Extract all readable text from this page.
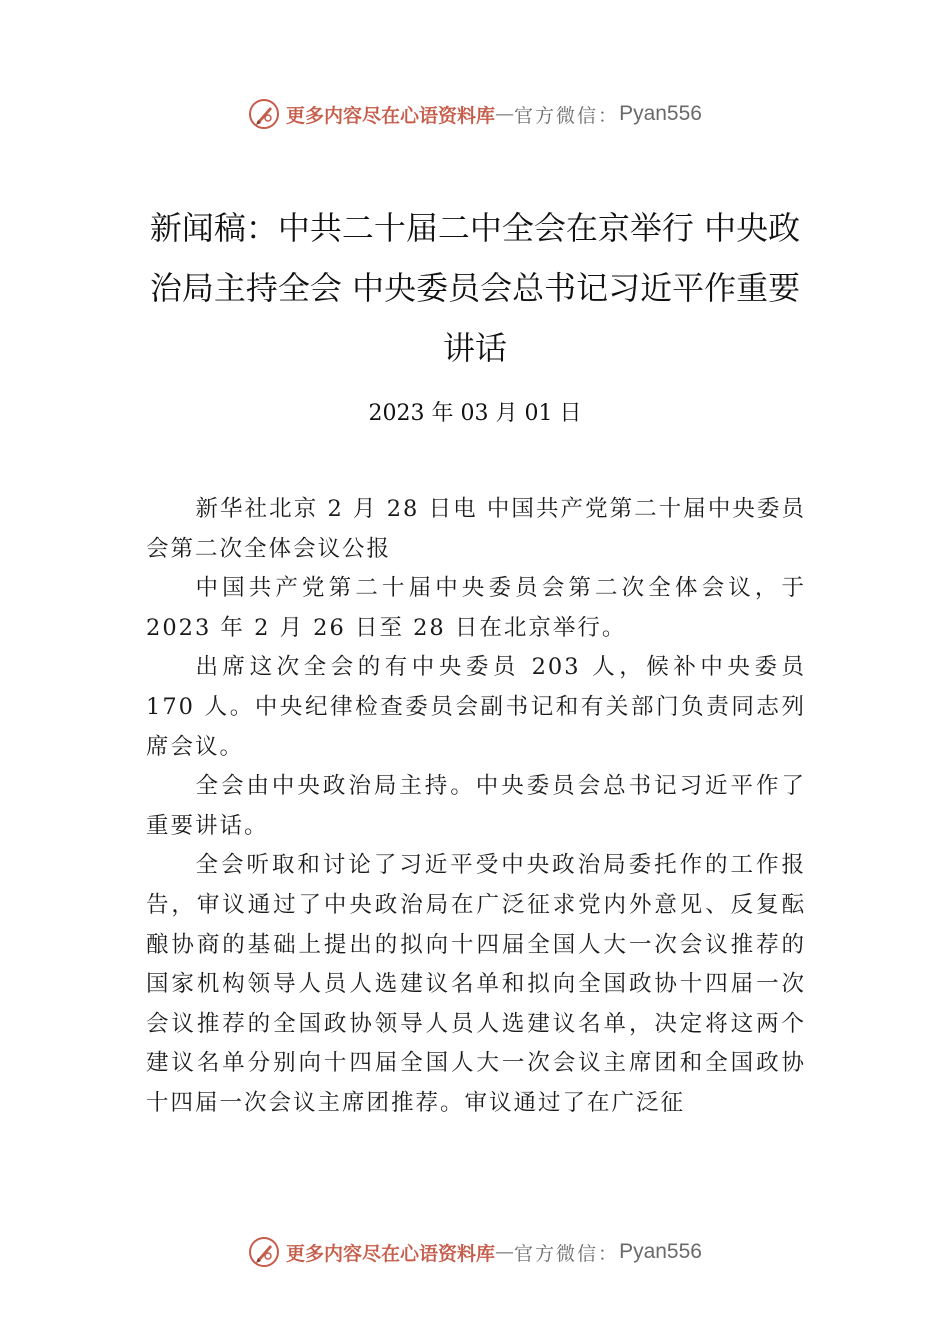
更多内容尽在心语资料库 — 官方微信： Pyan556
新闻稿：中共二十届二中全会在京举行 中央政治局主持全会 中央委员会总书记习近平作重要讲话
2023 年 03 月 01 日

新华社北京 2 月 28 日电 中国共产党第二十届中央委员会第二次全体会议公报

中国共产党第二十届中央委员会第二次全体会议，于 2023 年 2 月 26 日至 28 日在北京举行。

出席这次全会的有中央委员 203 人，候补中央委员 170 人。中央纪律检查委员会副书记和有关部门负责同志列席会议。

全会由中央政治局主持。中央委员会总书记习近平作了重要讲话。

全会听取和讨论了习近平受中央政治局委托作的工作报告，审议通过了中央政治局在广泛征求党内外意见、反复酝酿协商的基础上提出的拟向十四届全国人大一次会议推荐的国家机构领导人员人选建议名单和拟向全国政协十四届一次会议推荐的全国政协领导人员人选建议名单，决定将这两个建议名单分别向十四届全国人大一次会议主席团和全国政协十四届一次会议主席团推荐。审议通过了在广泛征

更多内容尽在心语资料库 — 官方微信： Pyan556
